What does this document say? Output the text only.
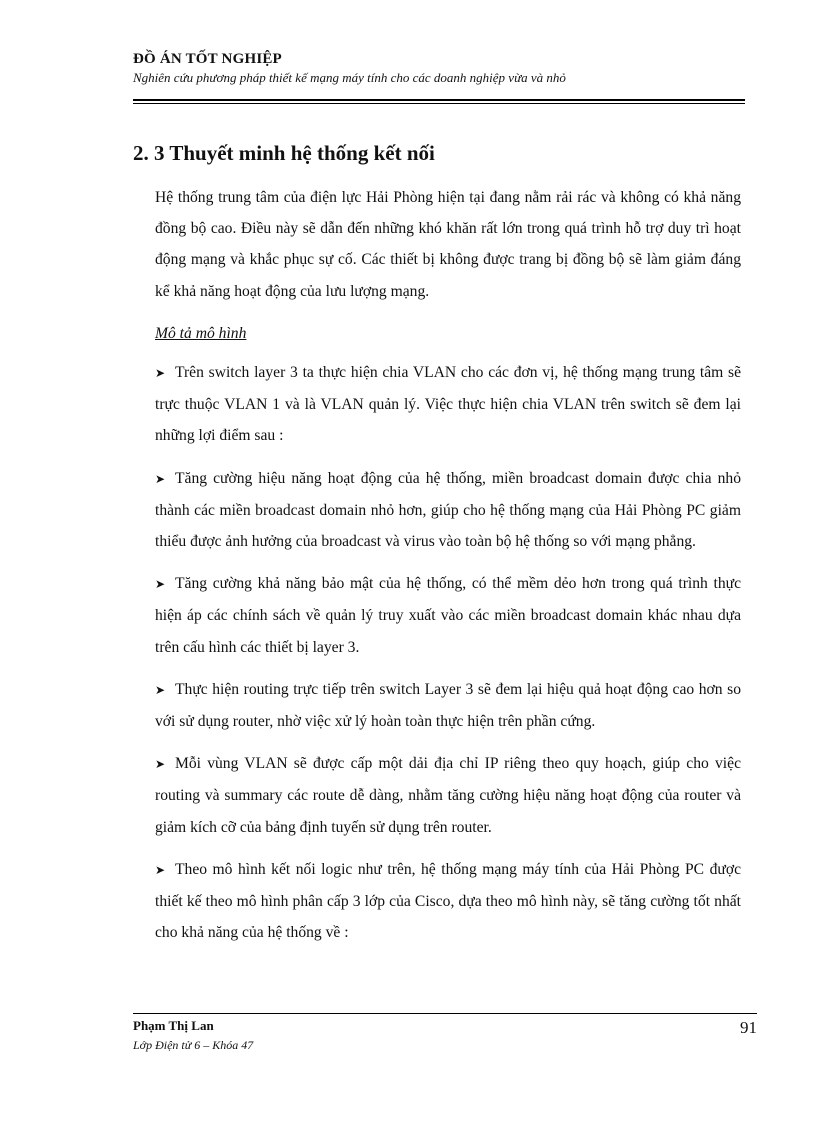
ĐỒ ÁN TỐT NGHIỆP
Nghiên cứu phương pháp thiết kế mạng máy tính cho các doanh nghiệp vừa và nhỏ
2. 3 Thuyết minh hệ thống kết nối

Hệ thống trung tâm của điện lực Hải Phòng hiện tại đang nằm rải rác và không có khả năng đồng bộ cao. Điều này sẽ dẫn đến những khó khăn rất lớn trong quá trình hỗ trợ duy trì hoạt động mạng và khắc phục sự cố. Các thiết bị không được trang bị đồng bộ sẽ làm giảm đáng kể khả năng hoạt động của lưu lượng mạng.

Mô tả mô hình

➤ Trên switch layer 3 ta thực hiện chia VLAN cho các đơn vị, hệ thống mạng trung tâm sẽ trực thuộc VLAN 1 và là VLAN quản lý. Việc thực hiện chia VLAN trên switch sẽ đem lại những lợi điểm sau :

➤ Tăng cường hiệu năng hoạt động của hệ thống, miền broadcast domain được chia nhỏ thành các miền broadcast domain nhỏ hơn, giúp cho hệ thống mạng của Hải Phòng PC giảm thiểu được ảnh hưởng của broadcast và virus vào toàn bộ hệ thống so với mạng phẳng.

➤ Tăng cường khả năng bảo mật của hệ thống, có thể mềm dẻo hơn trong quá trình thực hiện áp các chính sách về quản lý truy xuất vào các miền broadcast domain khác nhau dựa trên cấu hình các thiết bị layer 3.

➤ Thực hiện routing trực tiếp trên switch Layer 3 sẽ đem lại hiệu quả hoạt động cao hơn so với sử dụng router, nhờ việc xử lý hoàn toàn thực hiện trên phần cứng.

➤ Mỗi vùng VLAN sẽ được cấp một dải địa chỉ IP riêng theo quy hoạch, giúp cho việc routing và summary các route dễ dàng, nhằm tăng cường hiệu năng hoạt động của router và giảm kích cỡ của bảng định tuyến sử dụng trên router.

➤ Theo mô hình kết nối logic như trên, hệ thống mạng máy tính của Hải Phòng PC được thiết kế theo mô hình phân cấp 3 lớp của Cisco, dựa theo mô hình này, sẽ tăng cường tốt nhất cho khả năng của hệ thống về :

Phạm Thị Lan
Lớp Điện tử 6 – Khóa 47
91
